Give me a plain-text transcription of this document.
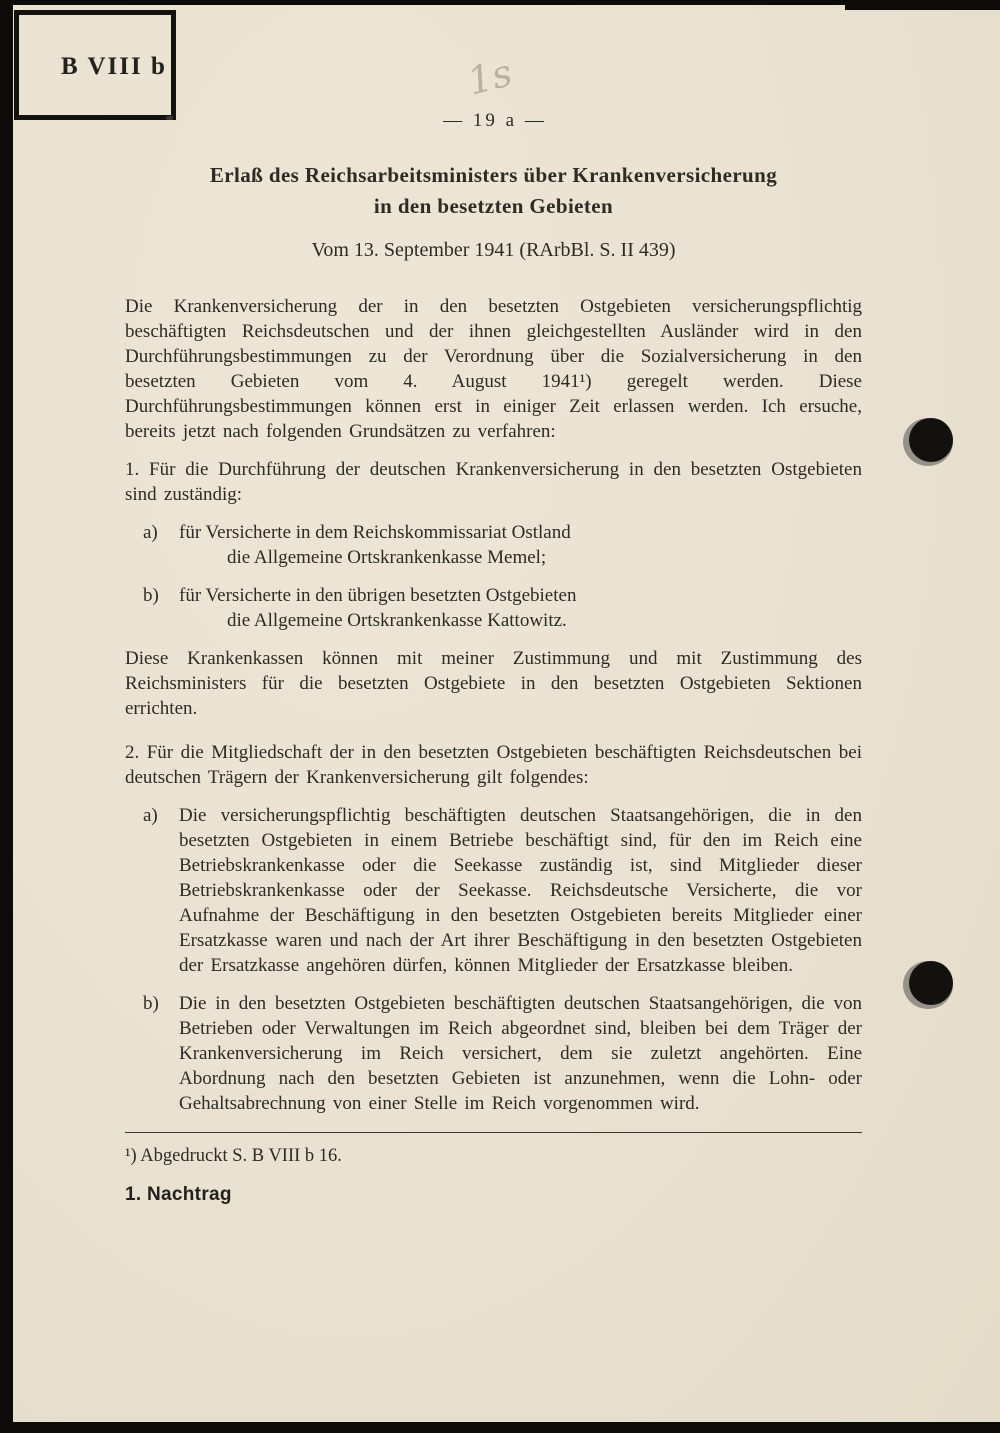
B VIII b	1s
— 19 a —
Erlaß des Reichsarbeitsministers über Krankenversicherung
in den besetzten Gebieten
Vom 13. September 1941 (RArbBl. S. II 439)

Die Krankenversicherung der in den besetzten Ostgebieten versicherungspflichtig beschäftigten Reichsdeutschen und der ihnen gleichgestellten Ausländer wird in den Durchführungsbestimmungen zu der Verordnung über die Sozialversicherung in den besetzten Gebieten vom 4. August 1941¹) geregelt werden. Diese Durchführungsbestimmungen können erst in einiger Zeit erlassen werden. Ich ersuche, bereits jetzt nach folgenden Grundsätzen zu verfahren:

1. Für die Durchführung der deutschen Krankenversicherung in den besetzten Ostgebieten sind zuständig:

a)	für Versicherte in dem Reichskommissariat Ostland
die Allgemeine Ortskrankenkasse Memel;
b)	für Versicherte in den übrigen besetzten Ostgebieten
die Allgemeine Ortskrankenkasse Kattowitz.

Diese Krankenkassen können mit meiner Zustimmung und mit Zustimmung des Reichsministers für die besetzten Ostgebiete in den besetzten Ostgebieten Sektionen errichten.

2. Für die Mitgliedschaft der in den besetzten Ostgebieten beschäftigten Reichsdeutschen bei deutschen Trägern der Krankenversicherung gilt folgendes:

a)	Die versicherungspflichtig beschäftigten deutschen Staatsangehörigen, die in den besetzten Ostgebieten in einem Betriebe beschäftigt sind, für den im Reich eine Betriebskrankenkasse oder die Seekasse zuständig ist, sind Mitglieder dieser Betriebskrankenkasse oder der Seekasse. Reichsdeutsche Versicherte, die vor Aufnahme der Beschäftigung in den besetzten Ostgebieten bereits Mitglieder einer Ersatzkasse waren und nach der Art ihrer Beschäftigung in den besetzten Ostgebieten der Ersatzkasse angehören dürfen, können Mitglieder der Ersatzkasse bleiben.
b)	Die in den besetzten Ostgebieten beschäftigten deutschen Staatsangehörigen, die von Betrieben oder Verwaltungen im Reich abgeordnet sind, bleiben bei dem Träger der Krankenversicherung im Reich versichert, dem sie zuletzt angehörten. Eine Abordnung nach den besetzten Gebieten ist anzunehmen, wenn die Lohn- oder Gehaltsabrechnung von einer Stelle im Reich vorgenommen wird.
¹) Abgedruckt S. B VIII b 16.
1. Nachtrag
